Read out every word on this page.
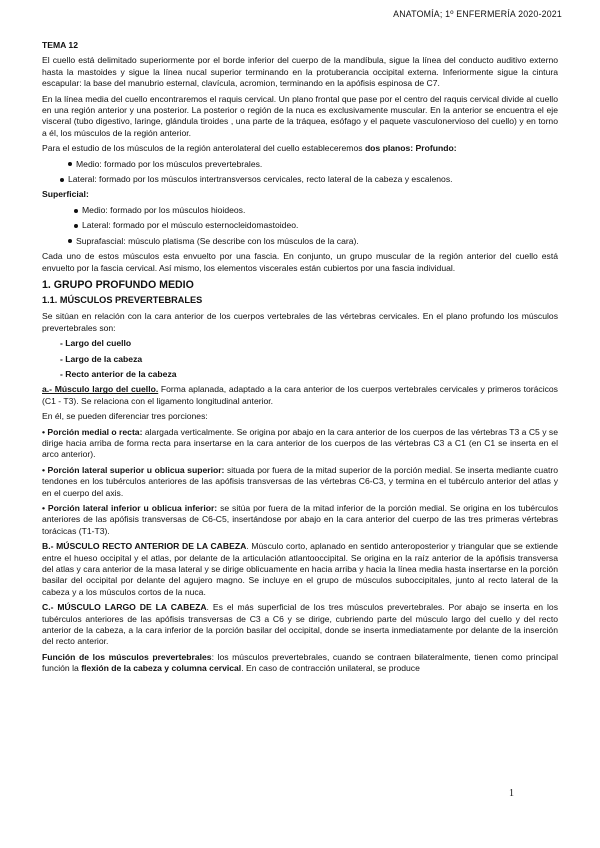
ANATOMÍA; 1º ENFERMERÍA 2020-2021

TEMA 12

El cuello está delimitado superiormente por el borde inferior del cuerpo de la mandíbula, sigue la línea del conducto auditivo externo hasta la mastoides y sigue la línea nucal superior terminando en la protuberancia occipital externa. Inferiormente sigue la cintura escapular: la base del manubrio esternal, clavícula, acromion, terminando en la apófisis espinosa de C7.

En la línea media del cuello encontraremos el raquis cervical. Un plano frontal que pase por el centro del raquis cervical divide al cuello en una región anterior y una posterior. La posterior o región de la nuca es exclusivamente muscular. En la anterior se encuentra el eje visceral (tubo digestivo, laringe, glándula tiroides , una parte de la tráquea, esófago y el paquete vasculonervioso del cuello) y en torno a él, los músculos de la región anterior.

Para el estudio de los músculos de la región anterolateral del cuello estableceremos dos planos: Profundo:

Medio: formado por los músculos prevertebrales.
Lateral: formado por los músculos intertransversos cervicales, recto lateral de la cabeza y escalenos.

Superficial:

Medio: formado por los músculos hioideos.
Lateral: formado por el músculo esternocleidomastoideo.
Suprafascial: músculo platisma (Se describe con los músculos de la cara).

Cada uno de estos músculos esta envuelto por una fascia. En conjunto, un grupo muscular de la región anterior del cuello está envuelto por la fascia cervical. Así mismo, los elementos viscerales están cubiertos por una fascia individual.

1. GRUPO PROFUNDO MEDIO
1.1. MÚSCULOS PREVERTEBRALES

Se sitúan en relación con la cara anterior de los cuerpos vertebrales de las vértebras cervicales. En el plano profundo los músculos prevertebrales son:

- Largo del cuello
- Largo de la cabeza
- Recto anterior de la cabeza

a.- Músculo largo del cuello. Forma aplanada, adaptado a la cara anterior de los cuerpos vertebrales cervicales y primeros torácicos (C1 - T3). Se relaciona con el ligamento longitudinal anterior.

En él, se pueden diferenciar tres porciones:

• Porción medial o recta: alargada verticalmente. Se origina por abajo en la cara anterior de los cuerpos de las vértebras T3 a C5 y se dirige hacia arriba de forma recta para insertarse en la cara anterior de los cuerpos de las vértebras C3 a C1 (en C1 se inserta en el arco anterior).

• Porción lateral superior u oblicua superior: situada por fuera de la mitad superior de la porción medial. Se inserta mediante cuatro tendones en los tubérculos anteriores de las apófisis transversas de las vértebras C6-C3, y termina en el tubérculo anterior del atlas y en el cuerpo del axis.

• Porción lateral inferior u oblicua inferior: se sitúa por fuera de la mitad inferior de la porción medial. Se origina en los tubérculos anteriores de las apófisis transversas de C6-C5, insertándose por abajo en la cara anterior del cuerpo de las tres primeras vértebras torácicas (T1-T3).

B.- MÚSCULO RECTO ANTERIOR DE LA CABEZA. Músculo corto, aplanado en sentido anteroposterior y triangular que se extiende entre el hueso occipital y el atlas, por delante de la articulación atlantooccipital. Se origina en la raíz anterior de la apófisis transversa del atlas y cara anterior de la masa lateral y se dirige oblicuamente en hacia arriba y hacia la línea media hasta insertarse en la porción basilar del occipital por delante del agujero magno. Se incluye en el grupo de músculos suboccipitales, junto al recto lateral de la cabeza y a los músculos cortos de la nuca.

C.- MÚSCULO LARGO DE LA CABEZA. Es el más superficial de los tres músculos prevertebrales. Por abajo se inserta en los tubérculos anteriores de las apófisis transversas de C3 a C6 y se dirige, cubriendo parte del músculo largo del cuello y del recto anterior de la cabeza, a la cara inferior de la porción basilar del occipital, donde se inserta inmediatamente por delante de la inserción del recto anterior.

Función de los músculos prevertebrales: los músculos prevertebrales, cuando se contraen bilateralmente, tienen como principal función la flexión de la cabeza y columna cervical. En caso de contracción unilateral, se produce

1
